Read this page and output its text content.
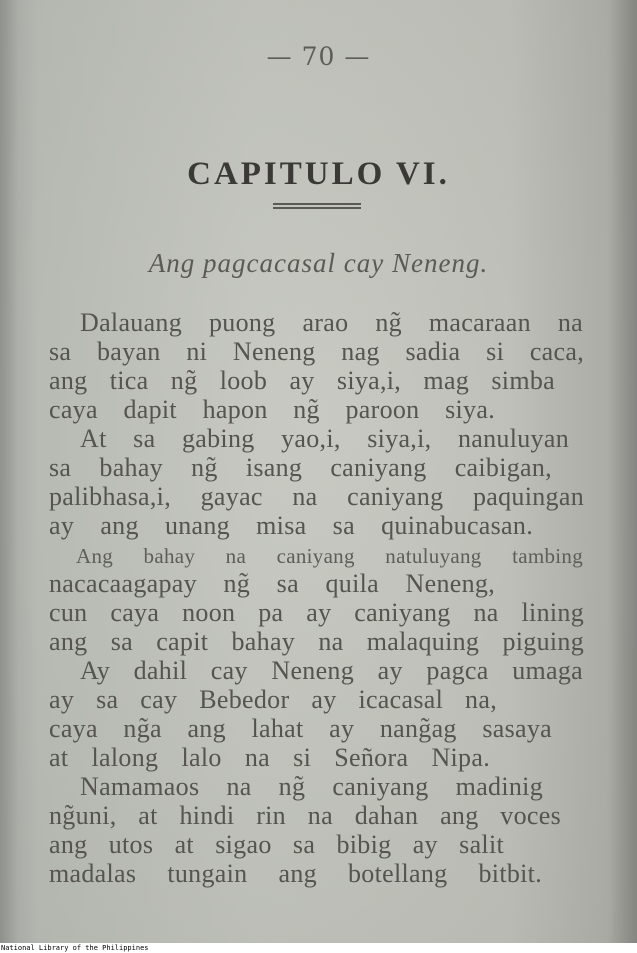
— 70 —
CAPITULO VI.
Ang pagcacasal cay Neneng.
Dalauang puong arao ng̃ macaraan na
sa bayan ni Neneng nag sadia si caca,
ang tica ng̃ loob ay siya,i, mag simba
caya dapit hapon ng̃ paroon siya.
At sa gabing yao,i, siya,i, nanuluyan
sa bahay ng̃ isang caniyang caibigan,
palibhasa,i, gayac na caniyang paquingan
ay ang unang misa sa quinabucasan.
Ang bahay na caniyang natuluyang tambing
nacacaagapay ng̃ sa quila Neneng,
cun caya noon pa ay caniyang na lining
ang sa capit bahay na malaquing piguing
Ay dahil cay Neneng ay pagca umaga
ay sa cay Bebedor ay icacasal na,
caya ng̃a ang lahat ay nang̃ag sasaya
at lalong lalo na si Señora Nipa.
Namamaos na ng̃ caniyang madinig
ng̃uni, at hindi rin na dahan ang voces
ang utos at sigao sa bibig ay salit
madalas tungain ang botellang bitbit.
National Library of the Philippines
